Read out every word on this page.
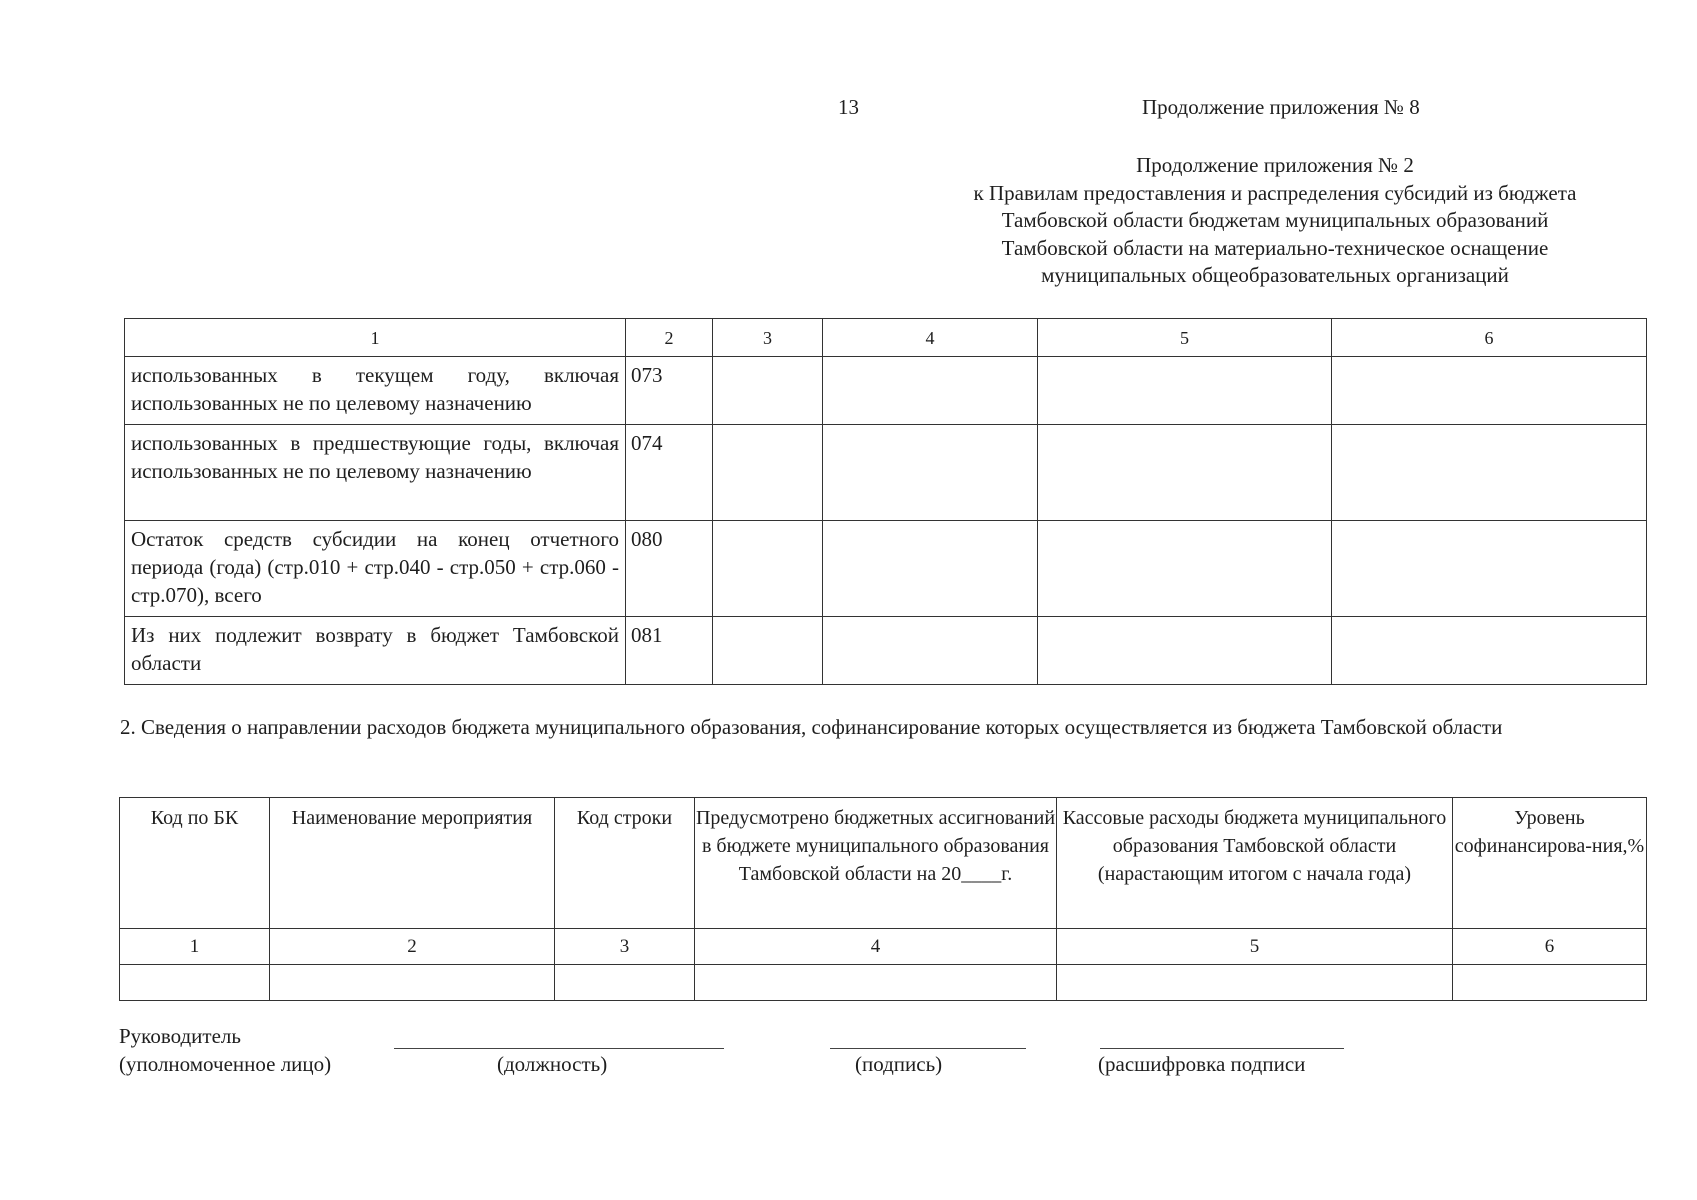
13	Продолжение приложения № 8
Продолжение приложения № 2
к Правилам предоставления и распределения субсидий из бюджета
Тамбовской области бюджетам муниципальных образований
Тамбовской области на материально-техническое оснащение
муниципальных общеобразовательных организаций
1	2	3	4	5	6
использованных в текущем году, включая использованных не по целевому назначению	073				
использованных в предшествующие годы, включая использованных не по целевому назначению	074				
Остаток средств субсидии на конец отчетного периода (года) (стр.010 + стр.040 - стр.050 + стр.060 - стр.070), всего	080				
Из них подлежит возврату в бюджет Тамбовской области	081				
2. Сведения о направлении расходов бюджета муниципального образования, софинансирование которых осуществляется из бюджета Тамбовской области
Код по БК	Наименование мероприятия	Код строки	Предусмотрено бюджетных ассигнований в бюджете муниципального образования Тамбовской области на 20____г.	Кассовые расходы бюджета муниципального образования Тамбовской области (нарастающим итогом с начала года)	Уровень софинансирова-ния,%
1	2	3	4	5	6

Руководитель
(уполномоченное лицо)	(должность)	(подпись)	(расшифровка подписи
